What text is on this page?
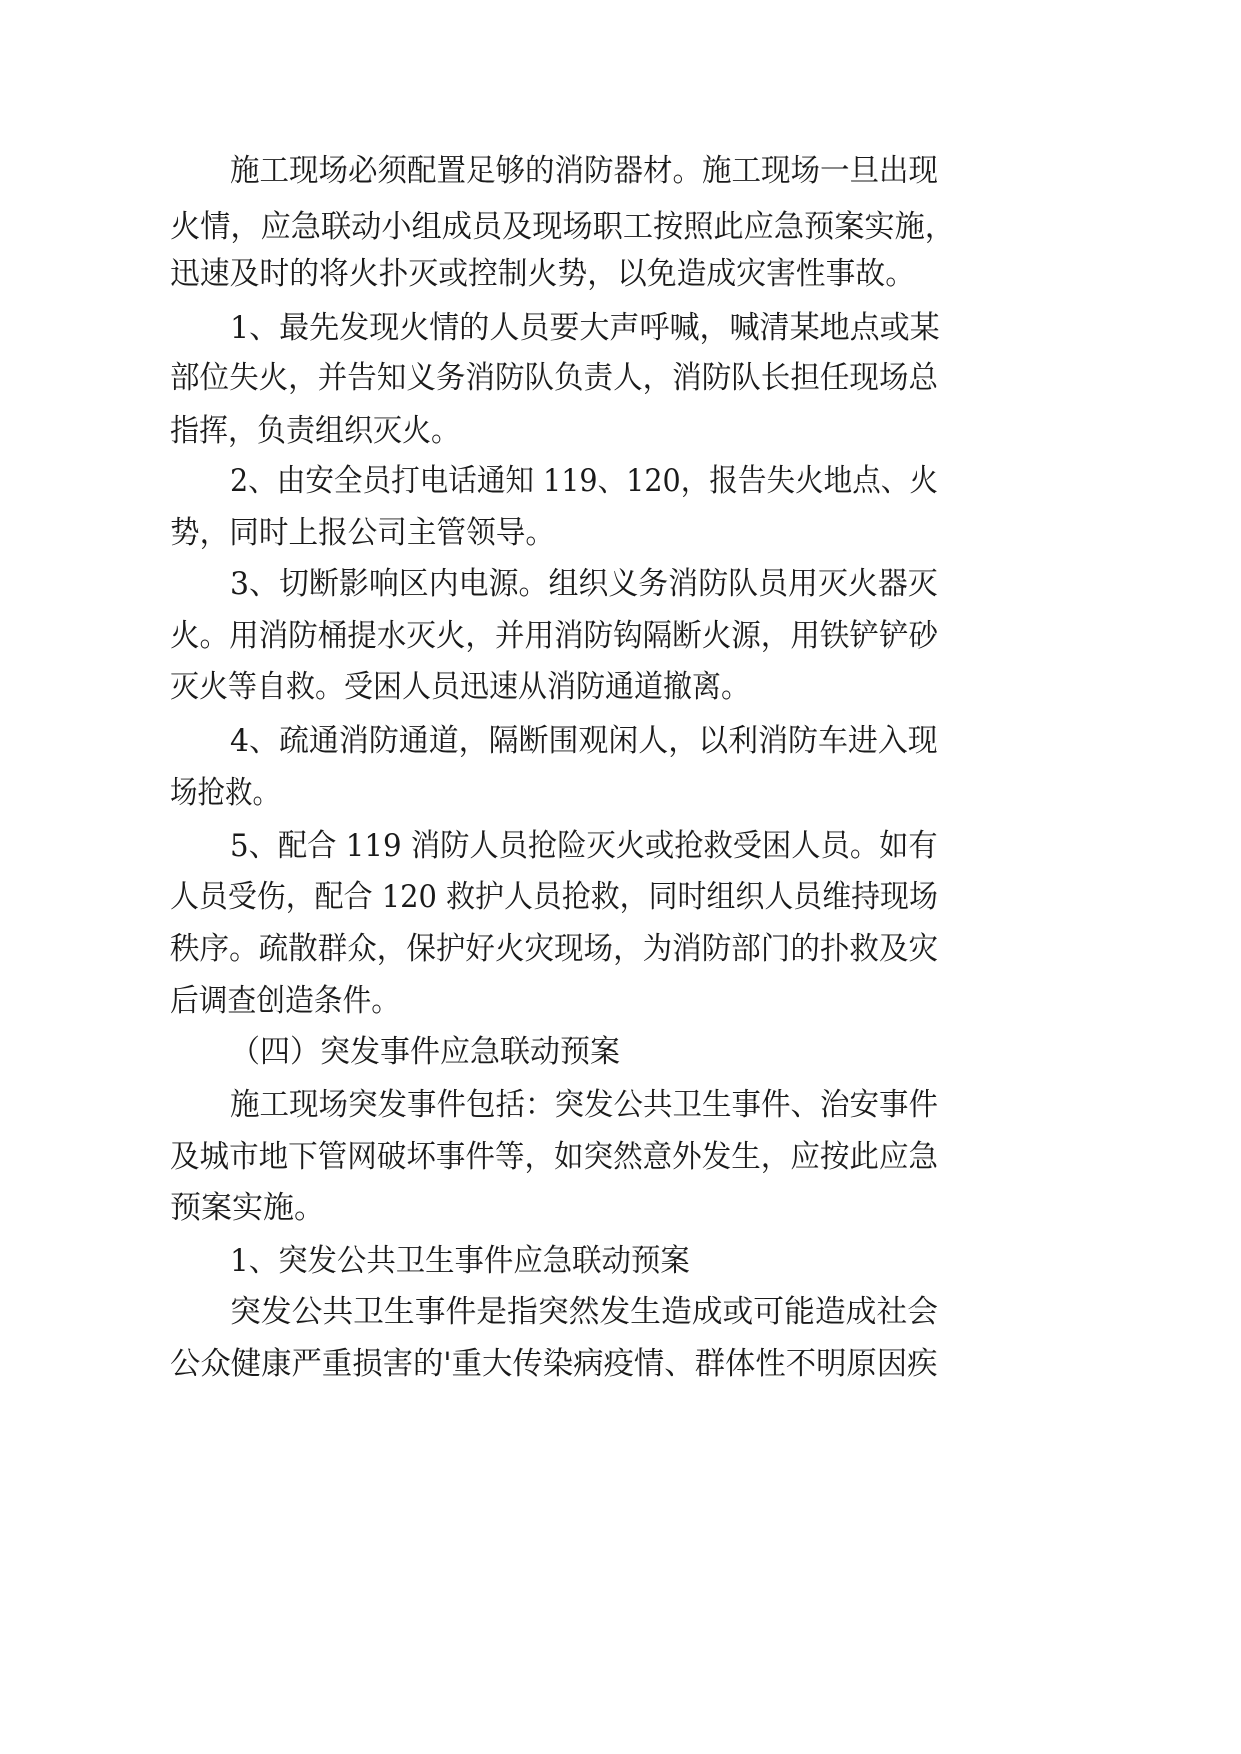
施工现场必须配置足够的消防器材。施工现场一旦出现
火情，应急联动小组成员及现场职工按照此应急预案实施，
迅速及时的将火扑灭或控制火势，以免造成灾害性事故。
1、最先发现火情的人员要大声呼喊，喊清某地点或某
部位失火，并告知义务消防队负责人，消防队长担任现场总
指挥，负责组织灭火。
2、由安全员打电话通知 119、120，报告失火地点、火
势，同时上报公司主管领导。
3、切断影响区内电源。组织义务消防队员用灭火器灭
火。用消防桶提水灭火，并用消防钩隔断火源，用铁铲铲砂
灭火等自救。受困人员迅速从消防通道撤离。
4、疏通消防通道，隔断围观闲人，以利消防车进入现
场抢救。
5、配合 119 消防人员抢险灭火或抢救受困人员。如有
人员受伤，配合 120 救护人员抢救，同时组织人员维持现场
秩序。疏散群众，保护好火灾现场，为消防部门的扑救及灾
后调查创造条件。
（四）突发事件应急联动预案
施工现场突发事件包括：突发公共卫生事件、治安事件
及城市地下管网破坏事件等，如突然意外发生，应按此应急
预案实施。
1、突发公共卫生事件应急联动预案
突发公共卫生事件是指突然发生造成或可能造成社会
公众健康严重损害的'重大传染病疫情、群体性不明原因疾
